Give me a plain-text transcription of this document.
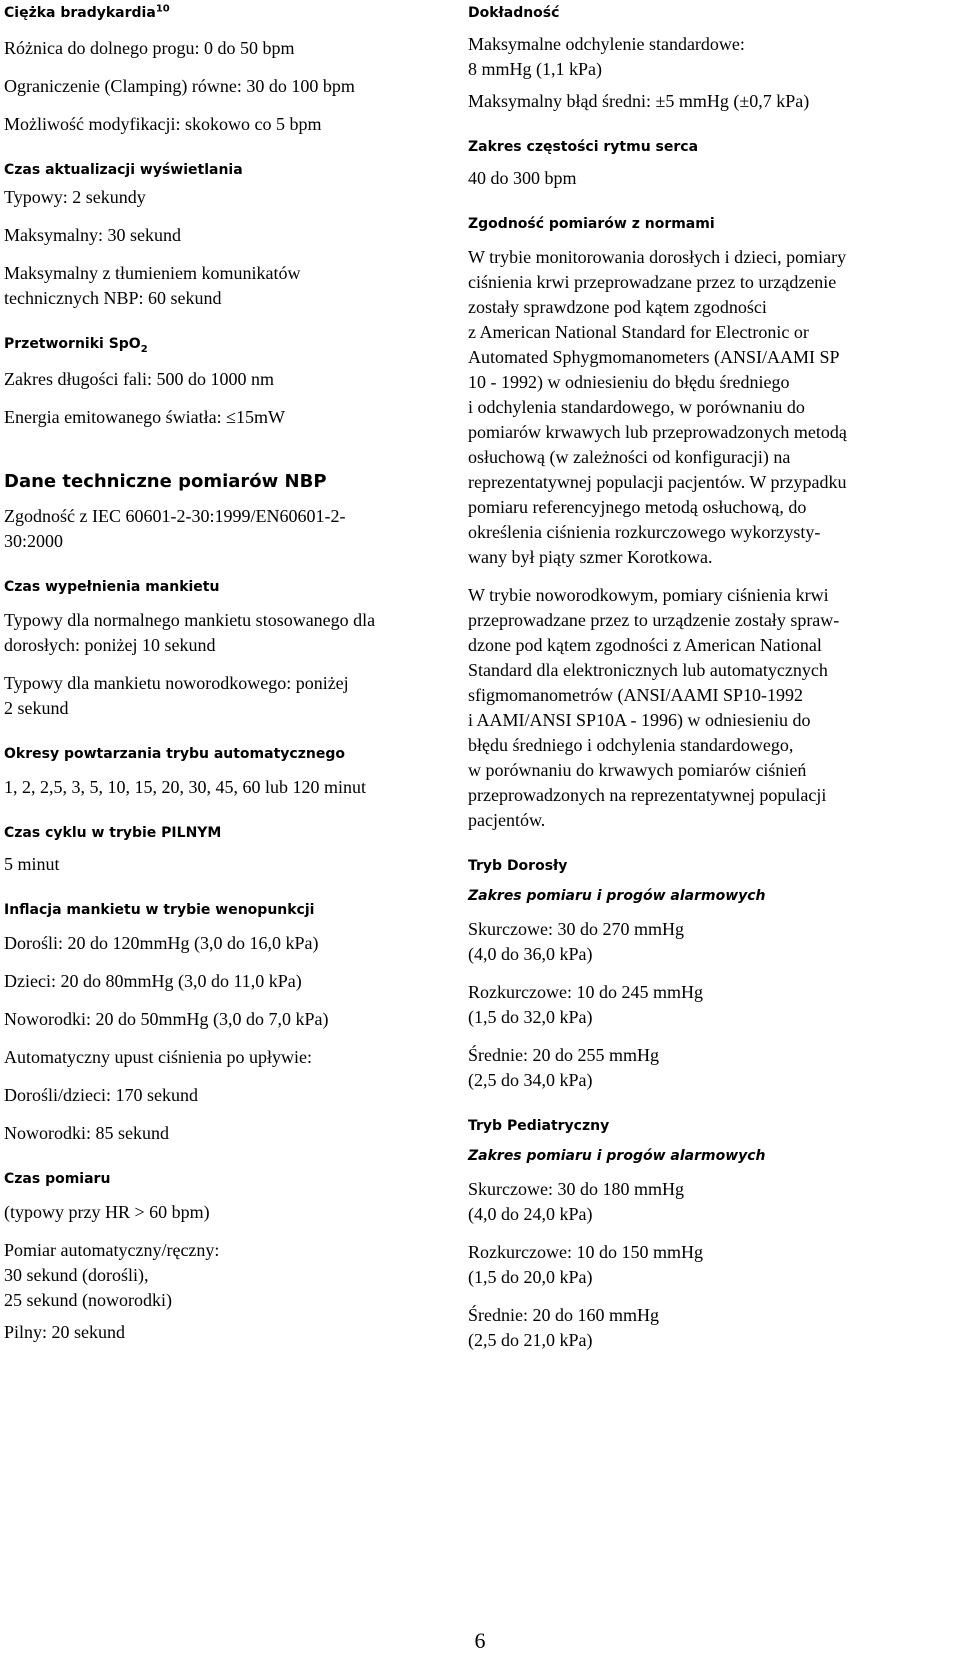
Ciężka bradykardia$^{10}$
Różnica do dolnego progu: 0 do 50 bpm
Ograniczenie (Clamping) równe: 30 do 100 bpm
Możliwość modyfikacji: skokowo co 5 bpm
Czas aktualizacji wyświetlania
Typowy: 2 sekundy
Maksymalny: 30 sekund
Maksymalny z tłumieniem komunikatów
technicznych NBP: 60 sekund
Przetworniki SpO$_2$
Zakres długości fali: 500 do 1000 nm
Energia emitowanego światła: ≤15mW
Dane techniczne pomiarów NBP
Zgodność z IEC 60601-2-30:1999/EN60601-2-
30:2000
Czas wypełnienia mankietu
Typowy dla normalnego mankietu stosowanego dla
dorosłych: poniżej 10 sekund
Typowy dla mankietu noworodkowego: poniżej
2 sekund
Okresy powtarzania trybu automatycznego
1, 2, 2,5, 3, 5, 10, 15, 20, 30, 45, 60 lub 120 minut
Czas cyklu w trybie PILNYM
5 minut
Inflacja mankietu w trybie wenopunkcji
Dorośli: 20 do 120mmHg (3,0 do 16,0 kPa)
Dzieci: 20 do 80mmHg (3,0 do 11,0 kPa)
Noworodki: 20 do 50mmHg (3,0 do 7,0 kPa)
Automatyczny upust ciśnienia po upływie:
Dorośli/dzieci: 170 sekund
Noworodki: 85 sekund
Czas pomiaru
(typowy przy HR > 60 bpm)
Pomiar automatyczny/ręczny:
30 sekund (dorośli),
25 sekund (noworodki)
Pilny: 20 sekund
Dokładność
Maksymalne odchylenie standardowe:
8 mmHg (1,1 kPa)
Maksymalny błąd średni: ±5 mmHg (±0,7 kPa)
Zakres częstości rytmu serca
40 do 300 bpm
Zgodność pomiarów z normami
W trybie monitorowania dorosłych i dzieci, pomiary
ciśnienia krwi przeprowadzane przez to urządzenie
zostały sprawdzone pod kątem zgodności
z American National Standard for Electronic or
Automated Sphygmomanometers (ANSI/AAMI SP
10 - 1992) w odniesieniu do błędu średniego
i odchylenia standardowego, w porównaniu do
pomiarów krwawych lub przeprowadzonych metodą
osłuchową (w zależności od konfiguracji) na
reprezentatywnej populacji pacjentów. W przypadku
pomiaru referencyjnego metodą osłuchową, do
określenia ciśnienia rozkurczowego wykorzysty-
wany był piąty szmer Korotkowa.
W trybie noworodkowym, pomiary ciśnienia krwi
przeprowadzane przez to urządzenie zostały spraw-
dzone pod kątem zgodności z American National
Standard dla elektronicznych lub automatycznych
sfigmomanometrów (ANSI/AAMI SP10-1992
i AAMI/ANSI SP10A - 1996) w odniesieniu do
błędu średniego i odchylenia standardowego,
w porównaniu do krwawych pomiarów ciśnień
przeprowadzonych na reprezentatywnej populacji
pacjentów.
Tryb Dorosły
Zakres pomiaru i progów alarmowych
Skurczowe: 30 do 270 mmHg
(4,0 do 36,0 kPa)
Rozkurczowe: 10 do 245 mmHg
(1,5 do 32,0 kPa)
Średnie: 20 do 255 mmHg
(2,5 do 34,0 kPa)
Tryb Pediatryczny
Zakres pomiaru i progów alarmowych
Skurczowe: 30 do 180 mmHg
(4,0 do 24,0 kPa)
Rozkurczowe: 10 do 150 mmHg
(1,5 do 20,0 kPa)
Średnie: 20 do 160 mmHg
(2,5 do 21,0 kPa)
6
